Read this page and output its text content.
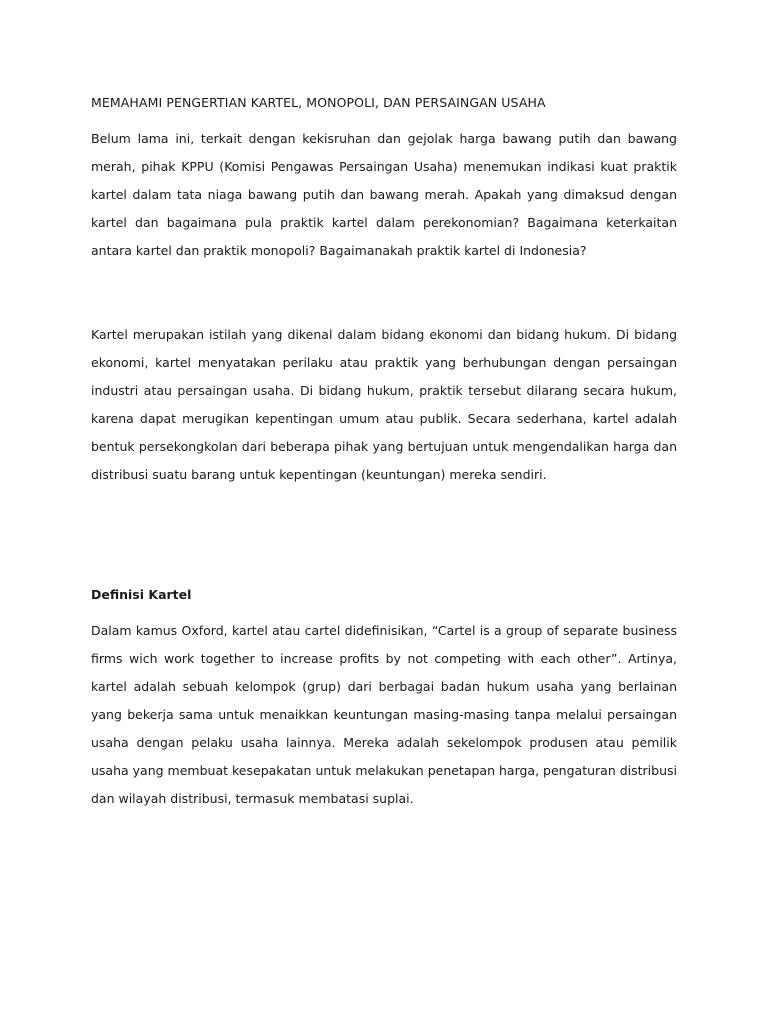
MEMAHAMI PENGERTIAN KARTEL, MONOPOLI, DAN PERSAINGAN USAHA

Belum lama ini, terkait dengan kekisruhan dan gejolak harga bawang putih dan bawang merah, pihak KPPU (Komisi Pengawas Persaingan Usaha) menemukan indikasi kuat praktik kartel dalam tata niaga bawang putih dan bawang merah. Apakah yang dimaksud dengan kartel dan bagaimana pula praktik kartel dalam perekonomian? Bagaimana keterkaitan antara kartel dan praktik monopoli? Bagaimanakah praktik kartel di Indonesia?

Kartel merupakan istilah yang dikenal dalam bidang ekonomi dan bidang hukum. Di bidang ekonomi, kartel menyatakan perilaku atau praktik yang berhubungan dengan persaingan industri atau persaingan usaha. Di bidang hukum, praktik tersebut dilarang secara hukum, karena dapat merugikan kepentingan umum atau publik. Secara sederhana, kartel adalah bentuk persekongkolan dari beberapa pihak yang bertujuan untuk mengendalikan harga dan distribusi suatu barang untuk kepentingan (keuntungan) mereka sendiri.

Definisi Kartel

Dalam kamus Oxford, kartel atau cartel didefinisikan, “Cartel is a group of separate business firms wich work together to increase profits by not competing with each other”. Artinya, kartel adalah sebuah kelompok (grup) dari berbagai badan hukum usaha yang berlainan yang bekerja sama untuk menaikkan keuntungan masing-masing tanpa melalui persaingan usaha dengan pelaku usaha lainnya. Mereka adalah sekelompok produsen atau pemilik usaha yang membuat kesepakatan untuk melakukan penetapan harga, pengaturan distribusi dan wilayah distribusi, termasuk membatasi suplai.
